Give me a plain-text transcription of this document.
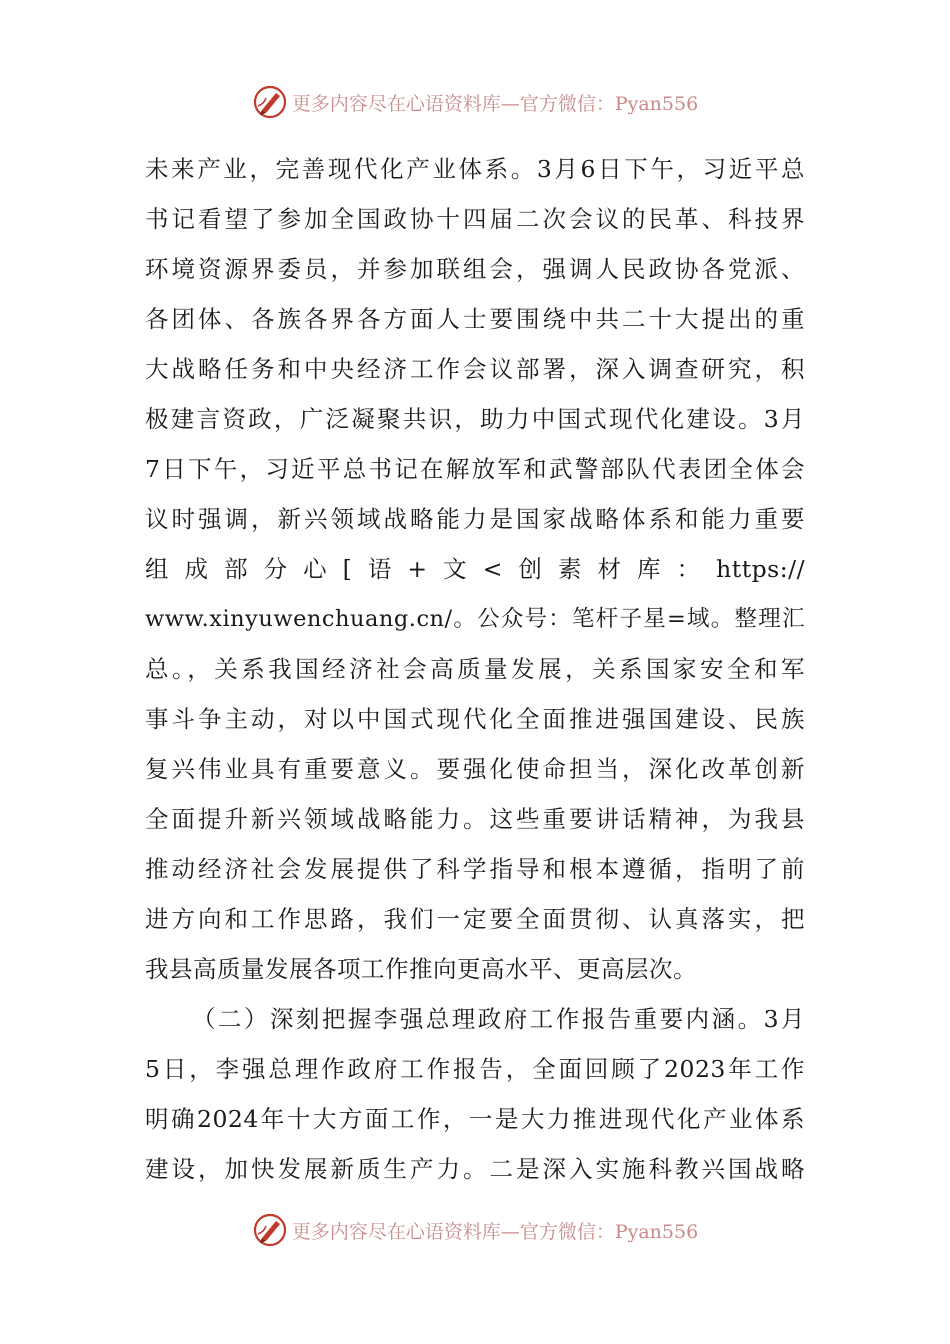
更多内容尽在心语资料库—官方微信：Pyan556
未来产业，完善现代化产业体系。3月6日下午，习近平总
书记看望了参加全国政协十四届二次会议的民革、科技界
环境资源界委员，并参加联组会，强调人民政协各党派、
各团体、各族各界各方面人士要围绕中共二十大提出的重
大战略任务和中央经济工作会议部署，深入调查研究，积
极建言资政，广泛凝聚共识，助力中国式现代化建设。3月
7日下午，习近平总书记在解放军和武警部队代表团全体会
议时强调，新兴领域战略能力是国家战略体系和能力重要
组成部分心[语+文<创素材库：https://
www.xinyuwenchuang.cn/。公众号：笔杆子星=域。整理汇
总。，关系我国经济社会高质量发展，关系国家安全和军
事斗争主动，对以中国式现代化全面推进强国建设、民族
复兴伟业具有重要意义。要强化使命担当，深化改革创新
全面提升新兴领域战略能力。这些重要讲话精神，为我县
推动经济社会发展提供了科学指导和根本遵循，指明了前
进方向和工作思路，我们一定要全面贯彻、认真落实，把
我县高质量发展各项工作推向更高水平、更高层次。
（二）深刻把握李强总理政府工作报告重要内涵。3月
5日，李强总理作政府工作报告，全面回顾了2023年工作
明确2024年十大方面工作，一是大力推进现代化产业体系
建设，加快发展新质生产力。二是深入实施科教兴国战略
更多内容尽在心语资料库—官方微信：Pyan556
